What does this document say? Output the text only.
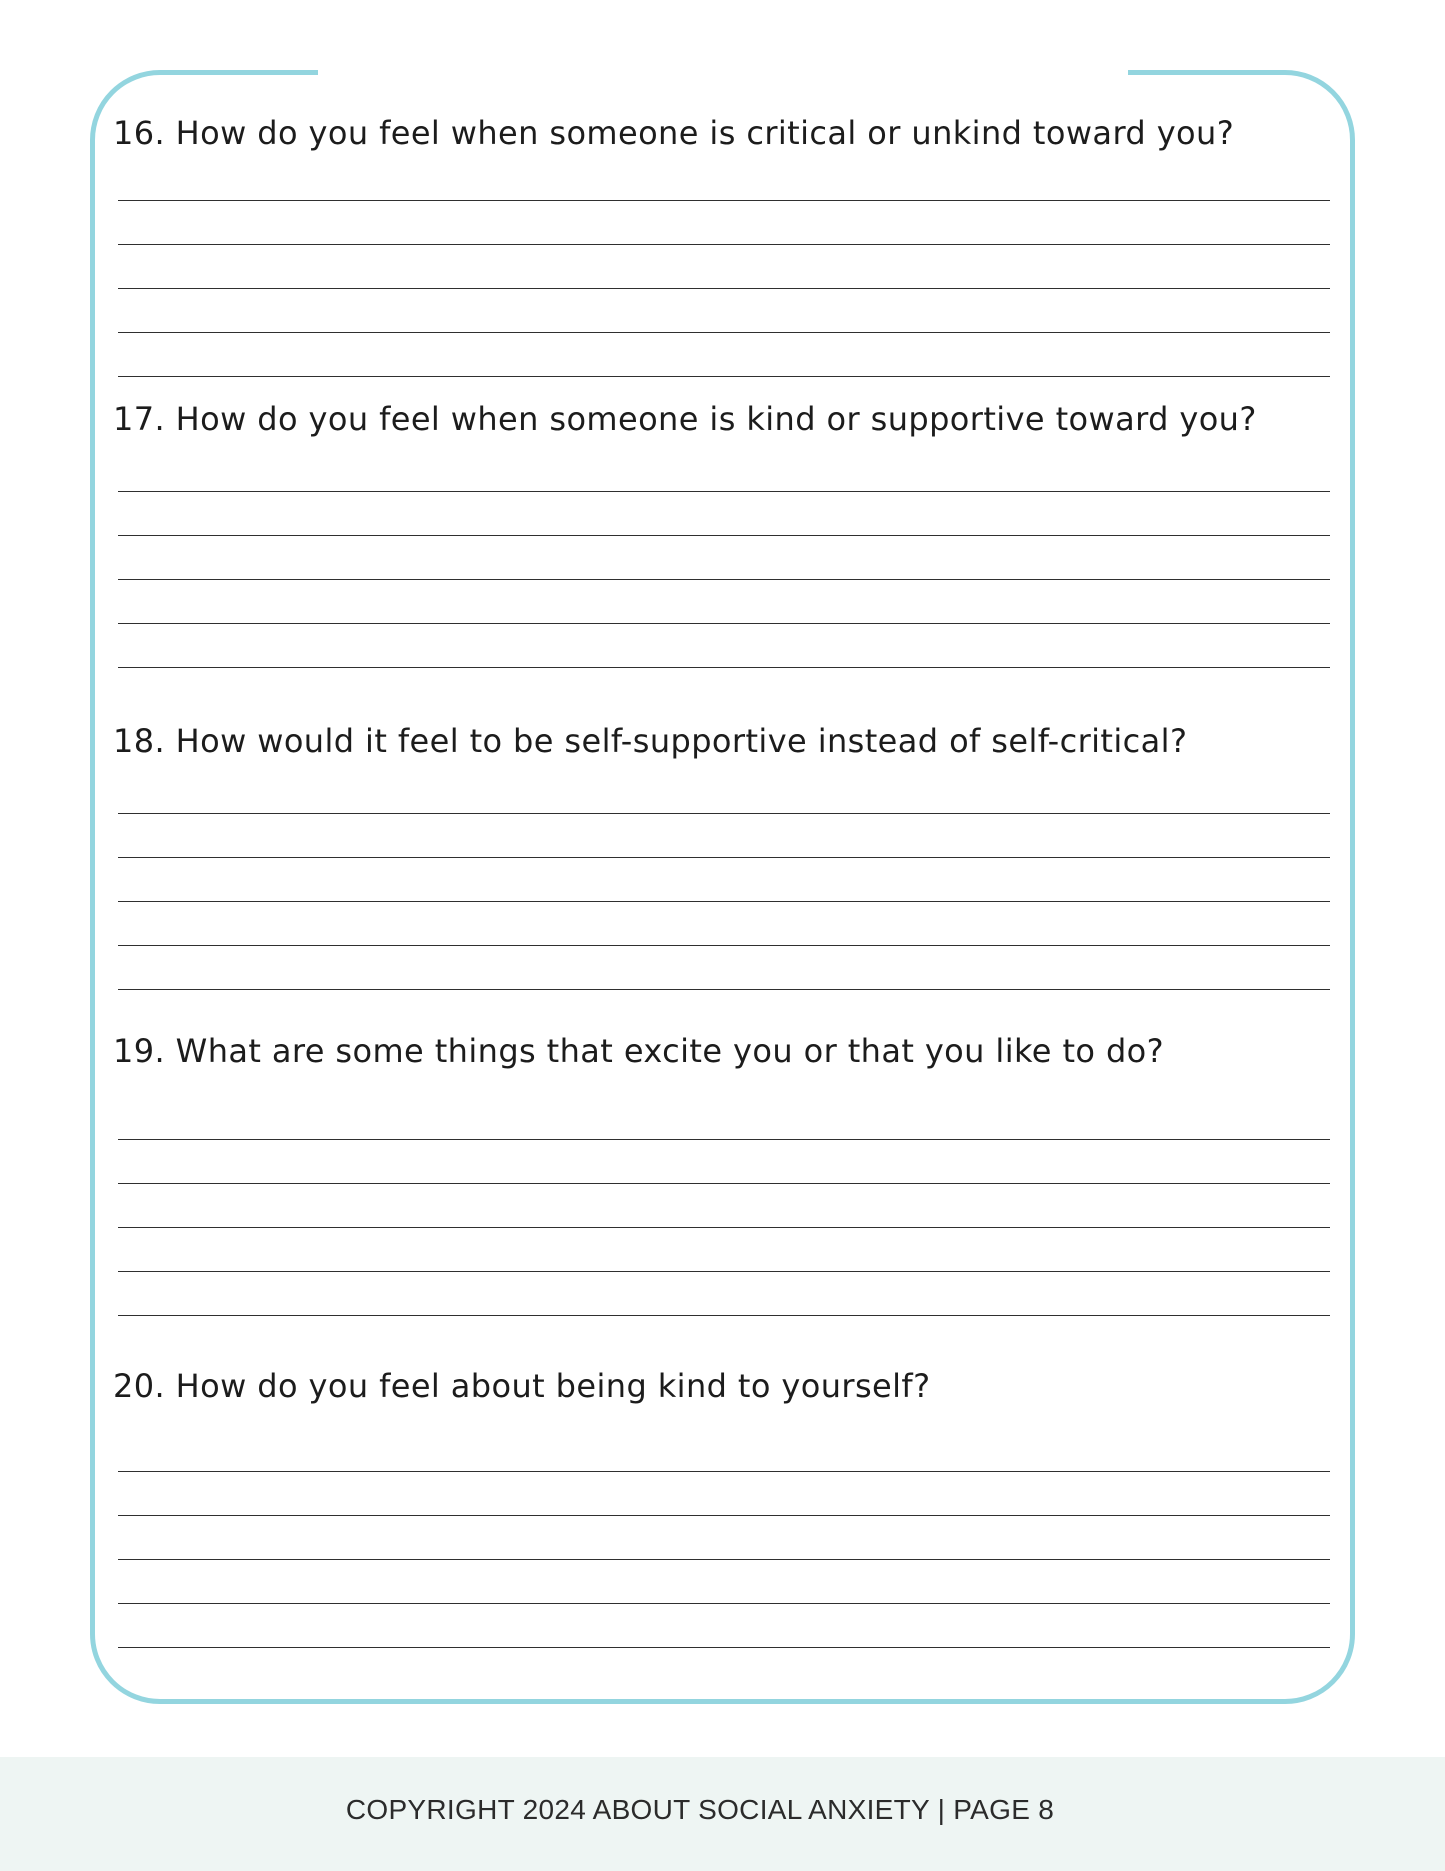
16. How do you feel when someone is critical or unkind toward you?
17. How do you feel when someone is kind or supportive toward you?
18. How would it feel to be self-supportive instead of self-critical?
19. What are some things that excite you or that you like to do?
20. How do you feel about being kind to yourself?
COPYRIGHT 2024 ABOUT SOCIAL ANXIETY | PAGE 8
